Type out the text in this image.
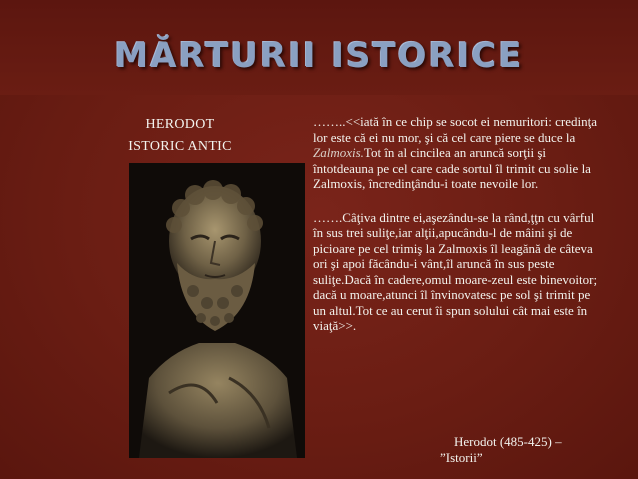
MĂRTURII ISTORICE
HERODOT
ISTORIC ANTIC

……..<<iată în ce chip se socot ei nemuritori: credinţa lor este că ei nu mor, şi că cel care piere se duce la Zalmoxis.Tot în al cincilea an aruncă sorţii şi întotdeauna pe cel care cade sortul îl trimit cu solie la Zalmoxis, încredinţându-i toate nevoile lor.

…….Câţiva dintre ei,aşezându-se la rând,ţţn cu vârful în sus trei suliţe,iar alţii,apucându-l de mâini şi de picioare pe cel trimiş la Zalmoxis îl leagănă de câteva ori şi apoi făcându-i vânt,îl aruncă în sus peste suliţe.Dacă în cadere,omul moare-zeul este binevoitor; dacă u moare,atunci îl învinovatesc pe sol şi trimit pe un altul.Tot ce au cerut îi spun solului cât mai este în viaţă>>.

Herodot (485-425) –
”Istorii”
